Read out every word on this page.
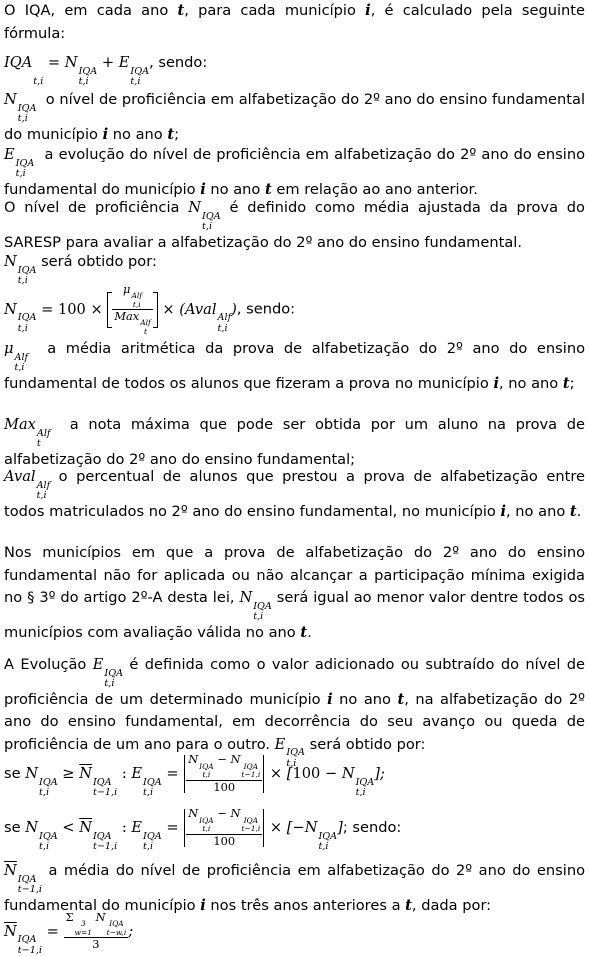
O IQA, em cada ano t, para cada município i, é calculado pela seguinte fórmula:
IQA

t,i
= N
IQA
t,i
+ E
IQA
t,i
, sendo:
N
IQA
t,i
o nível de proficiência em alfabetização do 2º ano do ensino fundamental do município i no ano t;
E
IQA
t,i
a evolução do nível de proficiência em alfabetização do 2º ano do ensino fundamental do município i no ano t em relação ao ano anterior.
O nível de proficiência N
IQA
t,i
é definido como média ajustada da prova do SARESP para avaliar a alfabetização do 2º ano do ensino fundamental.
N
IQA
t,i
será obtido por:
N
IQA
t,i
= 100 × μ Alf
t,i
Max Alf
t × (Aval
Alf
t,i
), sendo:
μ
Alf
t,i
a média aritmética da prova de alfabetização do 2º ano do ensino fundamental de todos os alunos que fizeram a prova no município i, no ano t;
Max
Alf
t
a nota máxima que pode ser obtida por um aluno na prova de alfabetização do 2º ano do ensino fundamental;
Aval
Alf
t,i
o percentual de alunos que prestou a prova de alfabetização entre todos matriculados no 2º ano do ensino fundamental, no município i, no ano t.
Nos municípios em que a prova de alfabetização do 2º ano do ensino fundamental não for aplicada ou não alcançar a participação mínima exigida no § 3º do artigo 2º-A desta lei, N
IQA
t,i
será igual ao menor valor dentre todos os municípios com avaliação válida no ano t.
A Evolução E
IQA
t,i
é definida como o valor adicionado ou subtraído do nível de proficiência de um determinado município i no ano t, na alfabetização do 2º ano do ensino fundamental, em decorrência do seu avanço ou queda de proficiência de um ano para o outro. E
IQA
t,i
será obtido por:
se N
IQA
t,i
≥ $\overline{N}$
IQA
t−1,i
: E
IQA
t,i
= N IQA
t,i
− N IQA
t−1,i
100 × [100 − N
IQA
t,i
];
se N
IQA
t,i
< $\overline{N}$
IQA
t−1,i
: E
IQA
t,i
= N IQA
t,i
− N IQA
t−1,i
100 × [−N
IQA
t,i
]; sendo:
$\overline{N}$
IQA
t−1,i
a média do nível de proficiência em alfabetização do 2º ano do ensino fundamental do município i nos três anos anteriores a t, dada por:
$\overline{N}$
IQA
t−1,i
= Σ 3
w=1
N IQA
t−w,i
3 ;
